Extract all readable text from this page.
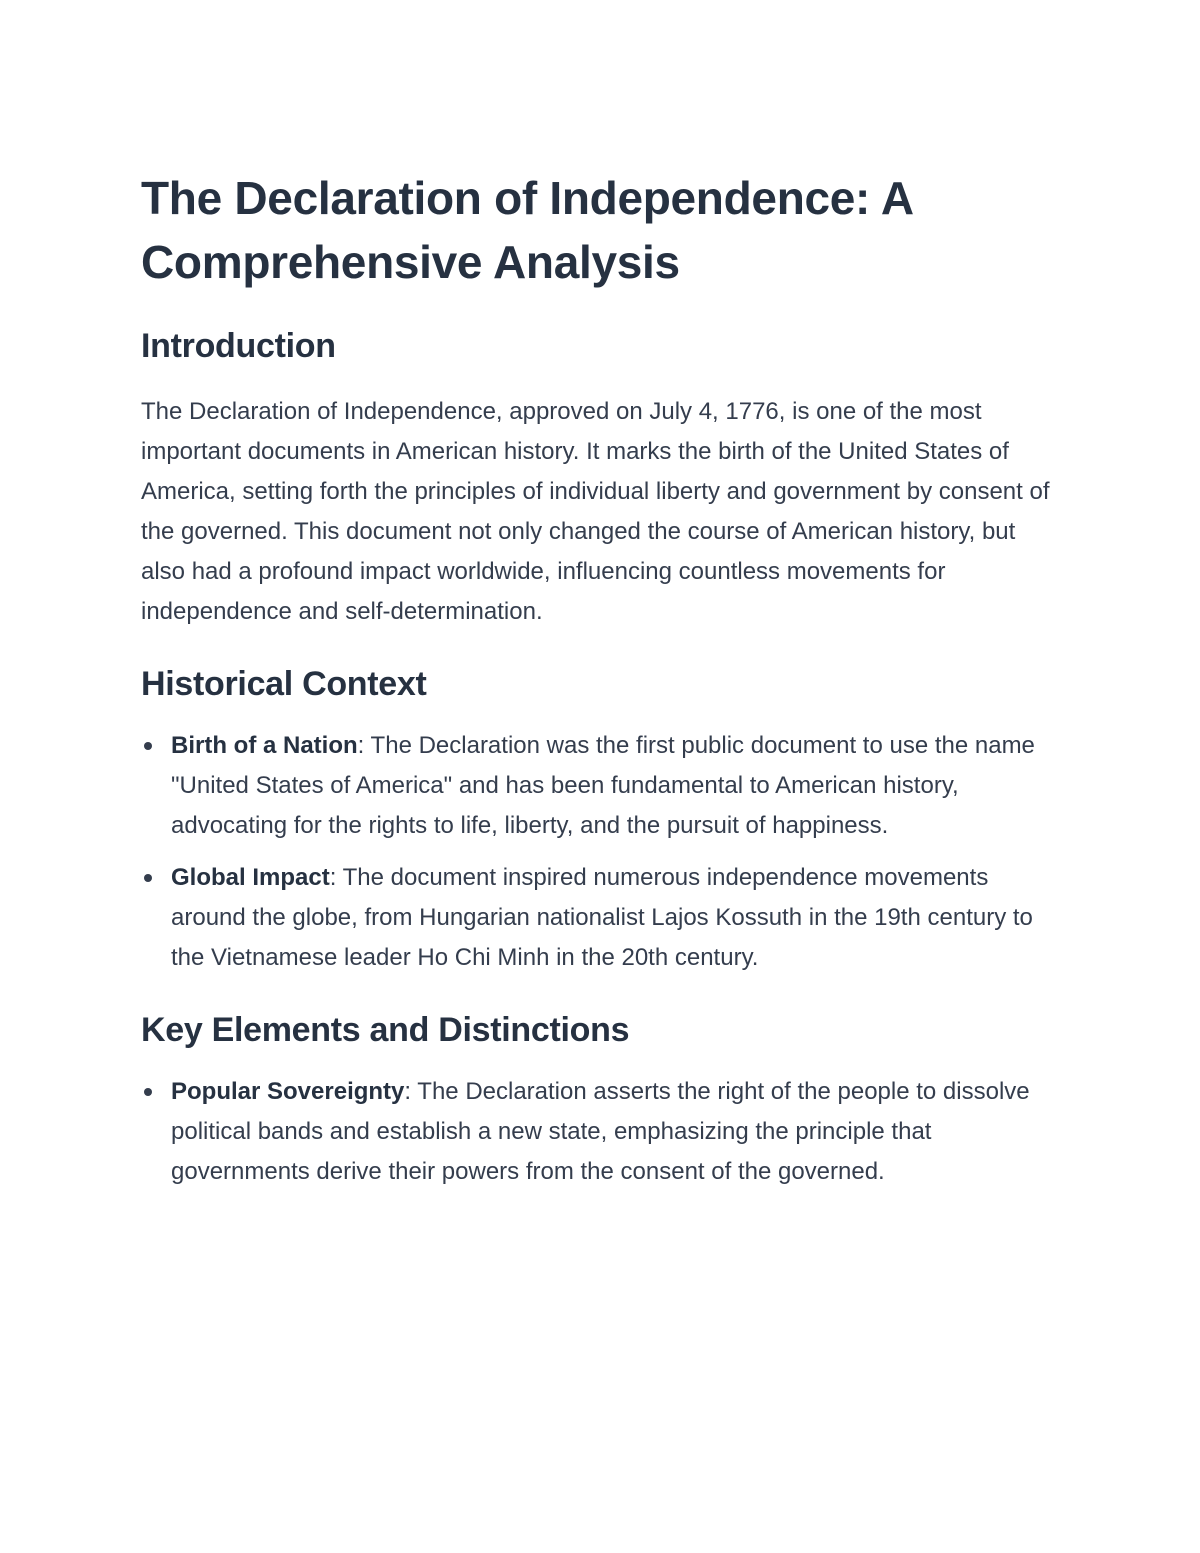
The Declaration of Independence: A Comprehensive Analysis
Introduction

The Declaration of Independence, approved on July 4, 1776, is one of the most important documents in American history. It marks the birth of the United States of America, setting forth the principles of individual liberty and government by consent of the governed. This document not only changed the course of American history, but also had a profound impact worldwide, influencing countless movements for independence and self-determination.

Historical Context
Birth of a Nation: The Declaration was the first public document to use the name "United States of America" and has been fundamental to American history, advocating for the rights to life, liberty, and the pursuit of happiness.
Global Impact: The document inspired numerous independence movements around the globe, from Hungarian nationalist Lajos Kossuth in the 19th century to the Vietnamese leader Ho Chi Minh in the 20th century.
Key Elements and Distinctions
Popular Sovereignty: The Declaration asserts the right of the people to dissolve political bands and establish a new state, emphasizing the principle that governments derive their powers from the consent of the governed.
